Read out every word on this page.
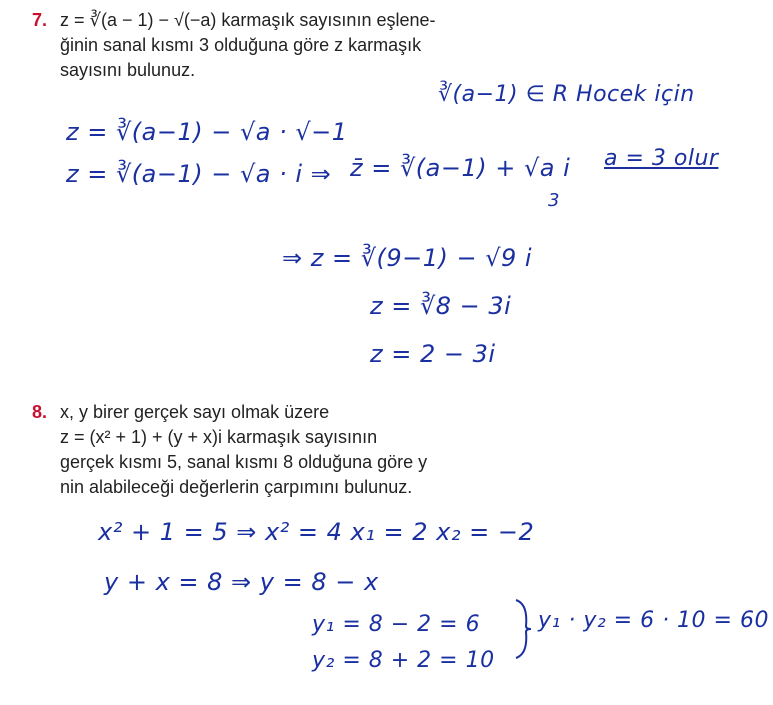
7. z = ∛(a − 1) − √(−a) karmaşık sayısının eşlene-
ğinin sanal kısmı 3 olduğuna göre z karmaşık
sayısını bulunuz.
∛(a−1) ∈ R Hocek için
z = ∛(a−1) − √a · √−1
z = ∛(a−1) − √a · i ⇒ z̄ = ∛(a−1) + √a i a = 3 olur
3
⇒ z = ∛(9−1) − √9 i
z = ∛8 − 3i
z = 2 − 3i
8. x, y birer gerçek sayı olmak üzere
z = (x² + 1) + (y + x)i karmaşık sayısının
gerçek kısmı 5, sanal kısmı 8 olduğuna göre y
nin alabileceği değerlerin çarpımını bulunuz.
x² + 1 = 5 ⇒ x² = 4 x₁ = 2 x₂ = −2
y + x = 8 ⇒ y = 8 − x
y₁ = 8 − 2 = 6
y₂ = 8 + 2 = 10
y₁ · y₂ = 6 · 10 = 60
